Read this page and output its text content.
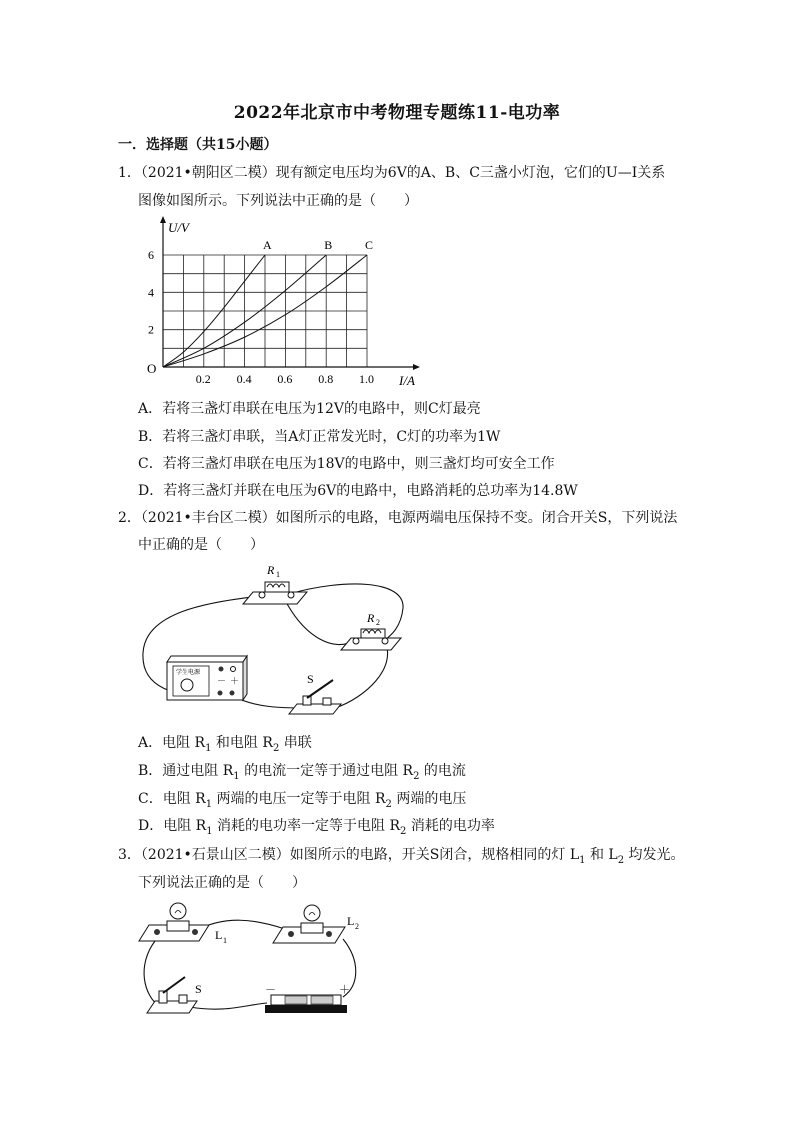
2022年北京市中考物理专题练11-电功率
一．选择题（共15小题）
1．（2021•朝阳区二模）现有额定电压均为6V的A、B、C三盏小灯泡，它们的U—I关系
图像如图所示。下列说法中正确的是（　　）
0.2 0.4 0.6 0.8 1.0
2
4
6
A	B	C
U/V
I/A
O
A．若将三盏灯串联在电压为12V的电路中，则C灯最亮
B．若将三盏灯串联，当A灯正常发光时，C灯的功率为1W
C．若将三盏灯串联在电压为18V的电路中，则三盏灯均可安全工作
D．若将三盏灯并联在电压为6V的电路中，电路消耗的总功率为14.8W
2．（2021•丰台区二模）如图所示的电路，电源两端电压保持不变。闭合开关S，下列说法
中正确的是（　　）
R 1
R 2
学生电源
－ ＋	S
A．电阻 $R_1$ 和电阻 $R_2$ 串联
B．通过电阻 $R_1$ 的电流一定等于通过电阻 $R_2$ 的电流
C．电阻 $R_1$ 两端的电压一定等于电阻 $R_2$ 两端的电压
D．电阻 $R_1$ 消耗的电功率一定等于电阻 $R_2$ 消耗的电功率
3．（2021•石景山区二模）如图所示的电路，开关S闭合，规格相同的灯 $L_1$ 和 $L_2$ 均发光。
下列说法正确的是（　　）
L 1
L 2
S	－	＋
